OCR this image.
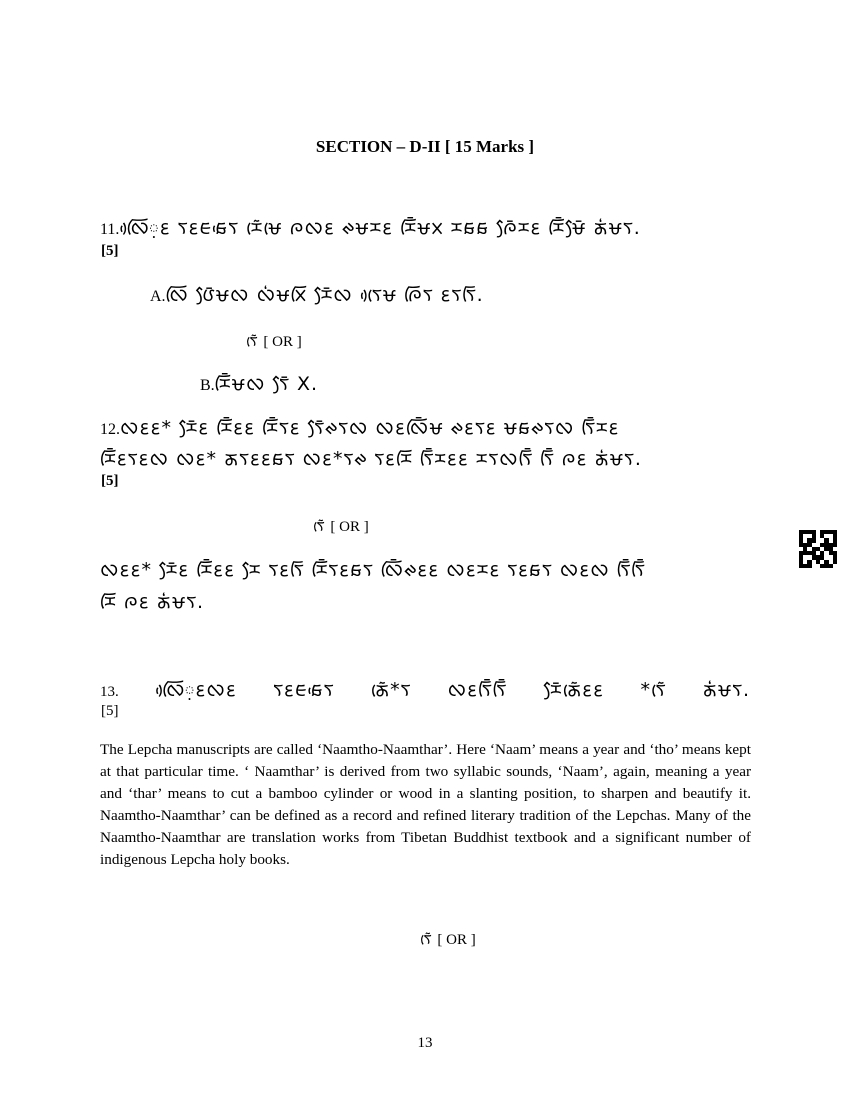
SECTION – D-II [ 15 Marks ]
11. ᰜᰩᰴ᰷ᰚ ᰛᰚᰀᰑᰵᰛ ᰌᰨᰶᰝᰨ ᰍᰜᰚ ᰊᰝᰌᰚ ᰌᰩᰳᰝᰞ ᰌᰑᰑ ᰍᰧᰳᰌᰚ ᰌᰩᰳᰝᰧᰳ ᰖᰭᰝᰛ.
[5]
A. ᰜᰩ ᰂᰧᰳᰝᰜ ᰜᰭᰝᰞᰩ ᰌᰧᰳᰜ ᰛᰨᰴᰝ ᰍᰩᰛ ᰚᰛᰛᰩ.
ᰛᰨᰶ [ OR ]
B. ᰌᰩᰳᰝᰜ ᰛᰧᰳ X.
12. ᰜᰚᰚ* ᰌᰧᰳᰚ ᰌᰩᰳᰚᰚ ᰌᰩᰳᰛᰚ ᰛᰧᰳᰊᰛᰜ ᰜᰚᰜᰩᰳᰝ ᰊᰚᰛᰚ ᰝᰑᰊᰛᰜ ᰛᰩᰳᰌᰚ
ᰌᰩᰳᰚᰛᰚᰜ ᰜᰚ* ᰖᰛᰚᰚᰑᰛ ᰜᰚ*ᰛᰊ ᰛᰚᰌᰩ ᰛᰩᰳᰌᰚᰚ ᰌᰛᰜᰛᰩᰳ ᰛᰩᰳ ᰍᰚ ᰖᰭᰝᰛ.
[5]
ᰛᰨᰶ [ OR ]
ᰜᰚᰚ* ᰌᰧᰳᰚ ᰌᰩᰳᰚᰚ ᰌᰧ ᰛᰚᰛᰩ ᰌᰩᰳᰛᰚᰑᰛ ᰜᰩᰳᰊᰚᰚ ᰜᰚᰌᰚ ᰛᰚᰑᰛ ᰜᰚᰜ ᰛᰩᰳᰛᰩᰳ
ᰌᰩ ᰍᰚ ᰖᰭᰝᰛ.
13. ᰜᰩᰴ᰷ᰚᰜᰚ ᰛᰚᰀᰑᰵᰛ ᰖᰨᰶ*ᰛ ᰜᰚᰛᰩᰳᰛᰩᰳ ᰌᰧᰳᰖᰨᰶᰚᰚ *ᰛᰨᰶ ᰖᰭᰝᰛ.
[5]
The Lepcha manuscripts are called ‘Naamtho-Naamthar’. Here ‘Naam’ means a year and ‘tho’ means kept at that particular time. ‘ Naamthar’ is derived from two syllabic sounds, ‘Naam’, again, meaning a year and ‘thar’ means to cut a bamboo cylinder or wood in a slanting position, to sharpen and beautify it. Naamtho-Naamthar’ can be defined as a record and refined literary tradition of the Lepchas. Many of the Naamtho-Naamthar are translation works from Tibetan Buddhist textbook and a significant number of indigenous Lepcha holy books.
ᰛᰨᰶ [ OR ]
13
